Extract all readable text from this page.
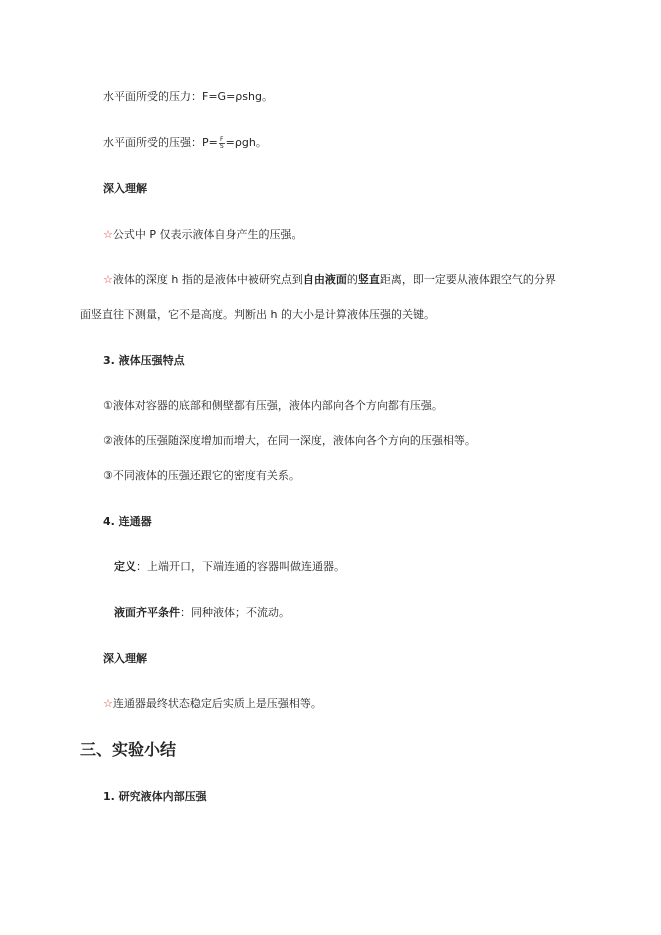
水平面所受的压力：F=G=ρshg。
水平面所受的压强：$P= \frac{F}{S} =\rho gh$。
深入理解
☆公式中 P 仅表示液体自身产生的压强。
☆液体的深度 h 指的是液体中被研究点到自由液面的竖直距离，即一定要从液体跟空气的分界
面竖直往下测量，它不是高度。判断出 h 的大小是计算液体压强的关键。
3. 液体压强特点
①液体对容器的底部和侧壁都有压强，液体内部向各个方向都有压强。
②液体的压强随深度增加而增大，在同一深度，液体向各个方向的压强相等。
③不同液体的压强还跟它的密度有关系。
4. 连通器
定义：上端开口，下端连通的容器叫做连通器。
液面齐平条件：同种液体；不流动。
深入理解
☆连通器最终状态稳定后实质上是压强相等。
三、实验小结
1. 研究液体内部压强
